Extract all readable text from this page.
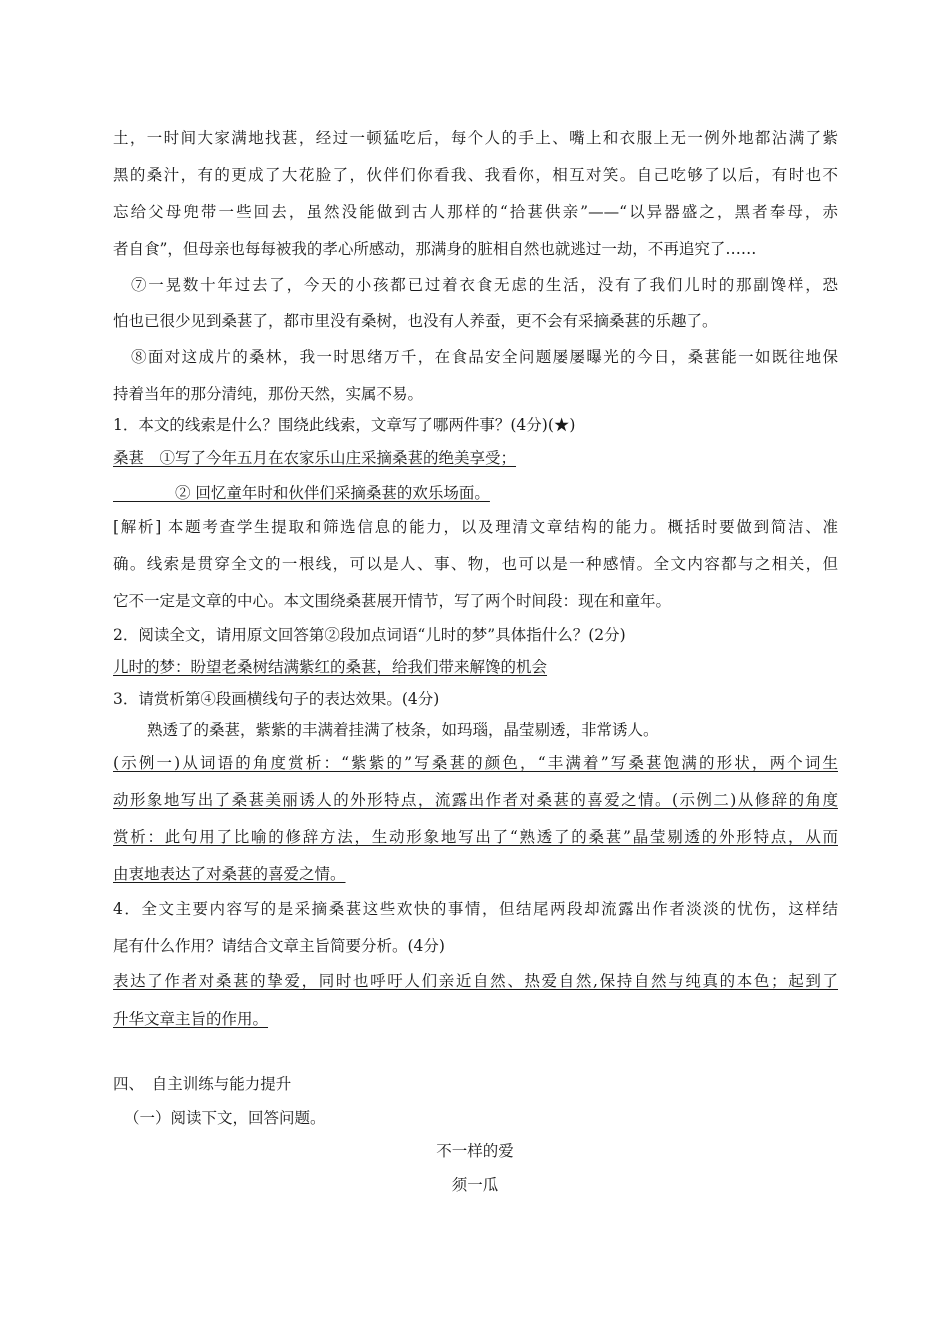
土，一时间大家满地找葚，经过一顿猛吃后，每个人的手上、嘴上和衣服上无一例外地都沾满了紫
黑的桑汁，有的更成了大花脸了，伙伴们你看我、我看你，相互对笑。自己吃够了以后，有时也不
忘给父母兜带一些回去，虽然没能做到古人那样的“拾葚供亲”——“以异器盛之，黑者奉母，赤
者自食”，但母亲也每每被我的孝心所感动，那满身的脏相自然也就逃过一劫，不再追究了……
⑦一晃数十年过去了，今天的小孩都已过着衣食无虑的生活，没有了我们儿时的那副馋样，恐
怕也已很少见到桑葚了，都市里没有桑树，也没有人养蚕，更不会有采摘桑葚的乐趣了。
⑧面对这成片的桑林，我一时思绪万千，在食品安全问题屡屡曝光的今日，桑葚能一如既往地保
持着当年的那分清纯，那份天然，实属不易。
1．本文的线索是什么？围绕此线索，文章写了哪两件事？(4分)(★)
桑葚　①写了今年五月在农家乐山庄采摘桑葚的绝美享受；
　　　　② 回忆童年时和伙伴们采摘桑葚的欢乐场面。
[解析] 本题考查学生提取和筛选信息的能力，以及理清文章结构的能力。概括时要做到简洁、准
确。线索是贯穿全文的一根线，可以是人、事、物，也可以是一种感情。全文内容都与之相关，但
它不一定是文章的中心。本文围绕桑葚展开情节，写了两个时间段：现在和童年。
2．阅读全文，请用原文回答第②段加点词语“儿时的梦”具体指什么？(2分)
儿时的梦：盼望老桑树结满紫红的桑葚，给我们带来解馋的机会
3．请赏析第④段画横线句子的表达效果。(4分)
熟透了的桑葚，紫紫的丰满着挂满了枝条，如玛瑙，晶莹剔透，非常诱人。
(示例一)从词语的角度赏析：“紫紫的”写桑葚的颜色，“丰满着”写桑葚饱满的形状，两个词生
动形象地写出了桑葚美丽诱人的外形特点，流露出作者对桑葚的喜爱之情。(示例二)从修辞的角度
赏析：此句用了比喻的修辞方法，生动形象地写出了“熟透了的桑葚”晶莹剔透的外形特点，从而
由衷地表达了对桑葚的喜爱之情。
4．全文主要内容写的是采摘桑葚这些欢快的事情，但结尾两段却流露出作者淡淡的忧伤，这样结
尾有什么作用？请结合文章主旨简要分析。(4分)
表达了作者对桑葚的挚爱，同时也呼吁人们亲近自然、热爱自然,保持自然与纯真的本色；起到了
升华文章主旨的作用。
四、　自主训练与能力提升
（一）阅读下文，回答问题。
不一样的爱
须一瓜
